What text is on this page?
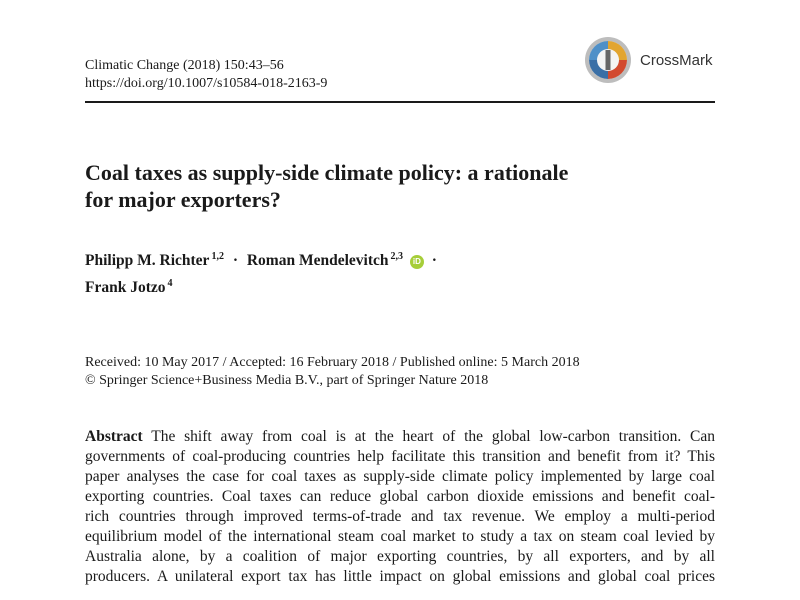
Climatic Change (2018) 150:43–56
https://doi.org/10.1007/s10584-018-2163-9
CrossMark
Coal taxes as supply-side climate policy: a rationale
for major exporters?
Philipp M. Richter $^{1,2}$ · Roman Mendelevitch $^{2,3}$ iD ·
Frank Jotzo $^4$
Received: 10 May 2017 / Accepted: 16 February 2018 / Published online: 5 March 2018
© Springer Science+Business Media B.V., part of Springer Nature 2018
Abstract The shift away from coal is at the heart of the global low-carbon transition. Can
governments of coal-producing countries help facilitate this transition and benefit from it? This
paper analyses the case for coal taxes as supply-side climate policy implemented by large coal
exporting countries. Coal taxes can reduce global carbon dioxide emissions and benefit coal-
rich countries through improved terms-of-trade and tax revenue. We employ a multi-period
equilibrium model of the international steam coal market to study a tax on steam coal levied by
Australia alone, by a coalition of major exporting countries, by all exporters, and by all
producers. A unilateral export tax has little impact on global emissions and global coal prices
